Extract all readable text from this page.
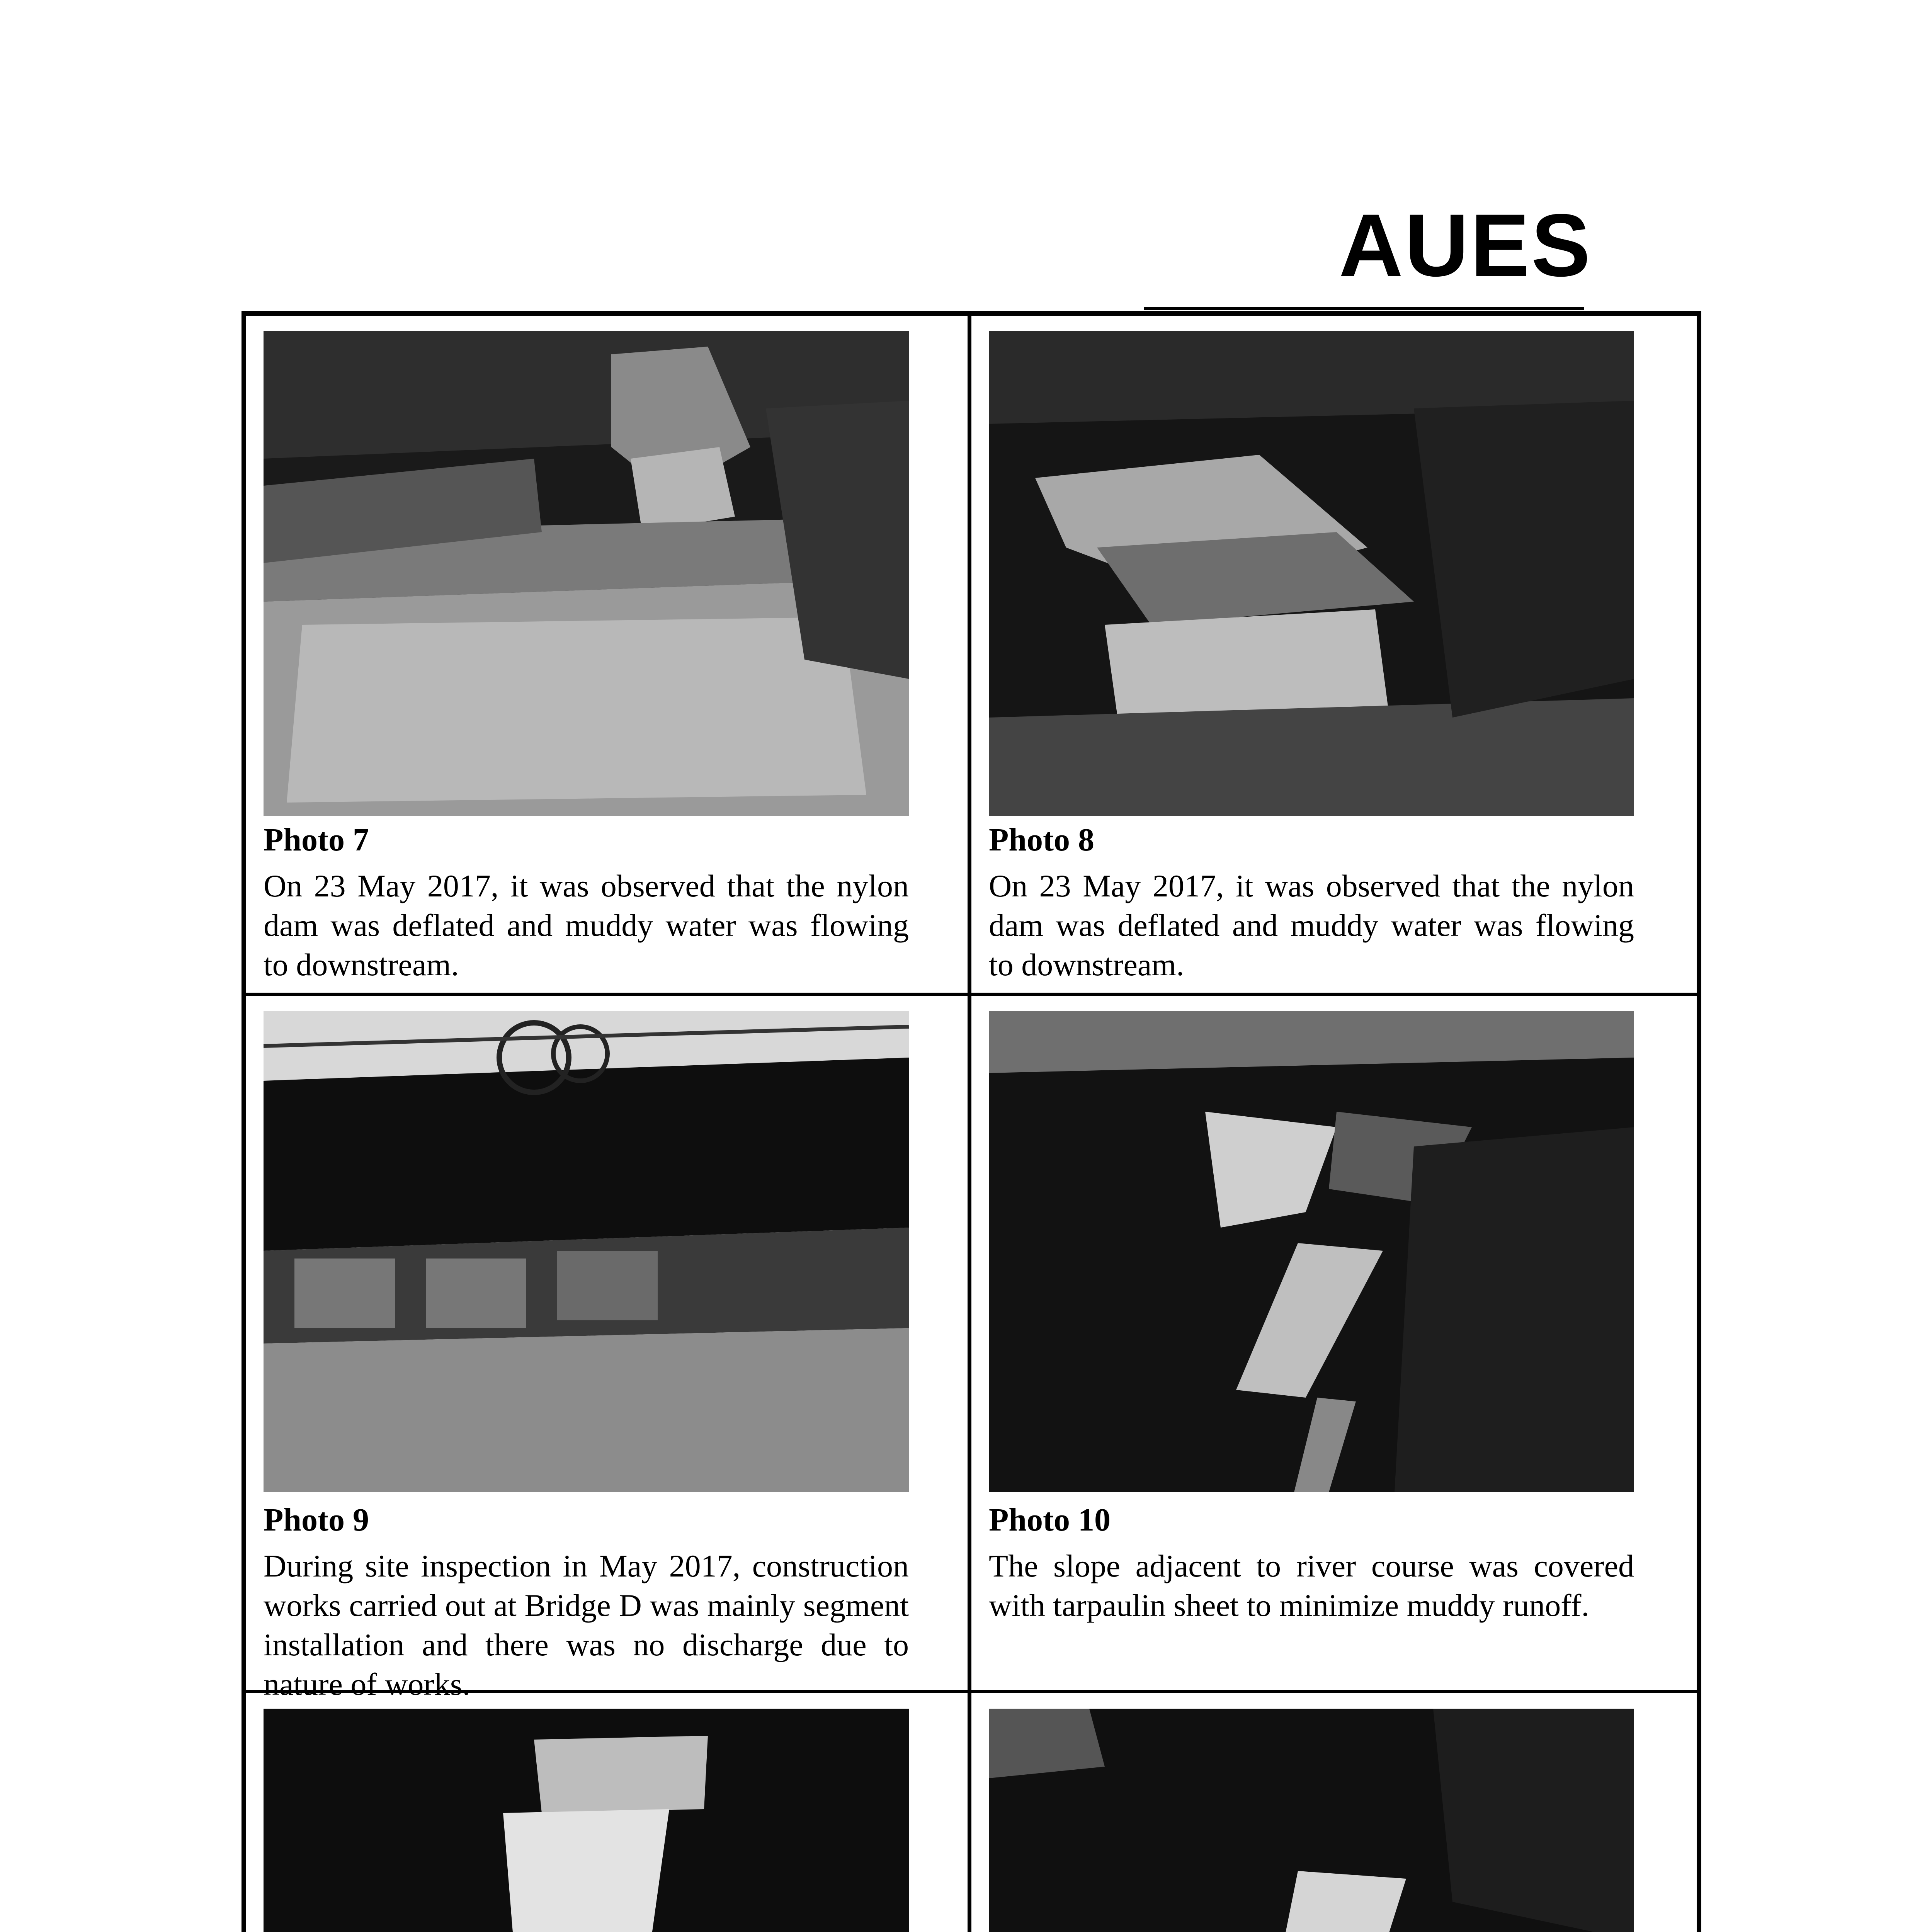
AUES
Photo 7
On 23 May 2017, it was observed that the nylon dam was deflated and muddy water was flowing to downstream.
Photo 8
On 23 May 2017, it was observed that the nylon dam was deflated and muddy water was flowing to downstream.
Photo 9
During site inspection in May 2017, construction works carried out at Bridge D was mainly segment installation and there was no discharge due to nature of works.
Photo 10
The slope adjacent to river course was covered with tarpaulin sheet to minimize muddy runoff.
